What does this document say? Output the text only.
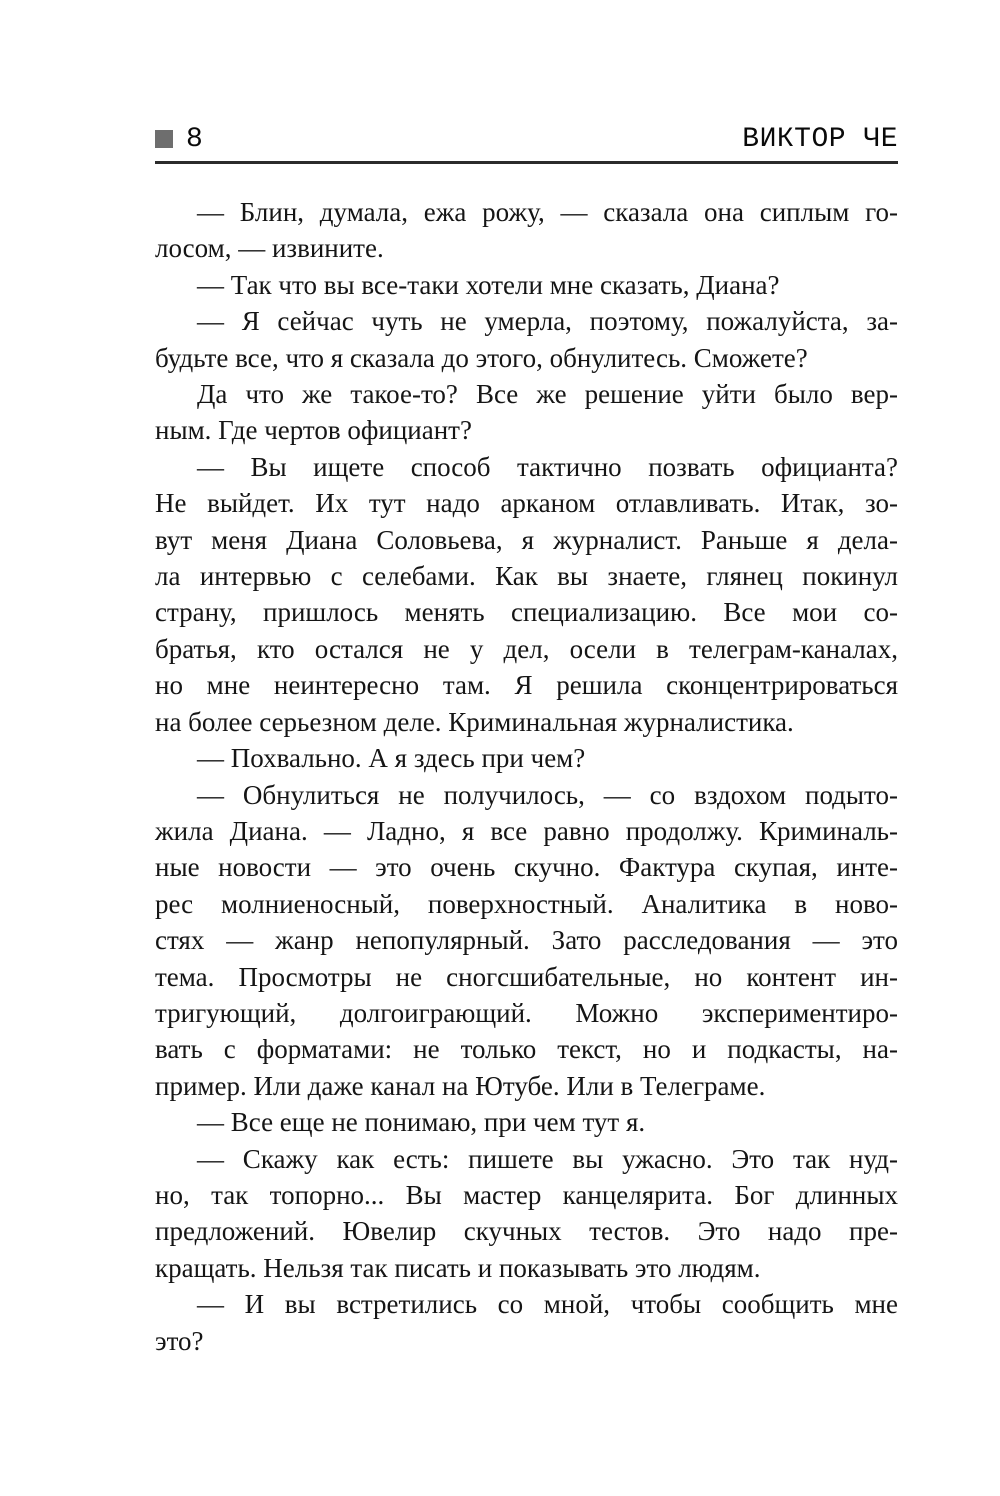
8	ВИКТОР ЧЕ
— Блин, думала, ежа рожу, — сказала она сиплым го-
лосом, — извините.
— Так что вы все-таки хотели мне сказать, Диана?
— Я сейчас чуть не умерла, поэтому, пожалуйста, за-
будьте все, что я сказала до этого, обнулитесь. Сможете?
Да что же такое-то? Все же решение уйти было вер-
ным. Где чертов официант?
— Вы ищете способ тактично позвать официанта?
Не выйдет. Их тут надо арканом отлавливать. Итак, зо-
вут меня Диана Соловьева, я журналист. Раньше я дела-
ла интервью с селебами. Как вы знаете, глянец покинул
страну, пришлось менять специализацию. Все мои со-
братья, кто остался не у дел, осели в телеграм-каналах,
но мне неинтересно там. Я решила сконцентрироваться
на более серьезном деле. Криминальная журналистика.
— Похвально. А я здесь при чем?
— Обнулиться не получилось, — со вздохом подыто-
жила Диана. — Ладно, я все равно продолжу. Криминаль-
ные новости — это очень скучно. Фактура скупая, инте-
рес молниеносный, поверхностный. Аналитика в ново-
стях — жанр непопулярный. Зато расследования — это
тема. Просмотры не сногсшибательные, но контент ин-
тригующий, долгоиграющий. Можно экспериментиро-
вать с форматами: не только текст, но и подкасты, на-
пример. Или даже канал на Ютубе. Или в Телеграме.
— Все еще не понимаю, при чем тут я.
— Скажу как есть: пишете вы ужасно. Это так нуд-
но, так топорно... Вы мастер канцелярита. Бог длинных
предложений. Ювелир скучных тестов. Это надо пре-
кращать. Нельзя так писать и показывать это людям.
— И вы встретились со мной, чтобы сообщить мне
это?
